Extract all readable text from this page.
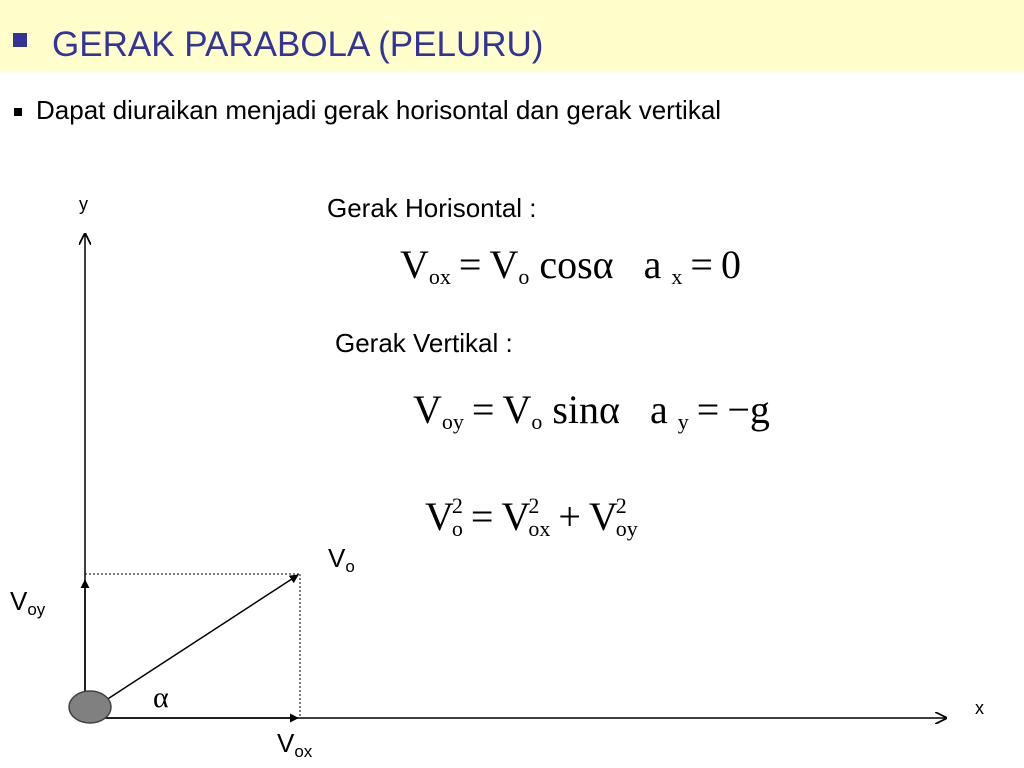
GERAK PARABOLA (PELURU)
Dapat diuraikan menjadi gerak horisontal dan gerak vertikal
Gerak Horisontal :
$V_{ox} = V_o$ cosα a $_x$ = 0
Gerak Vertikal :
$V_{oy} = V_o$ sinα a $_y$ = −g
$V^2_o = V^2_{ox} + V^2_{oy}$
y
x
α
$V_o$
$V_{oy}$
$V_{ox}$
